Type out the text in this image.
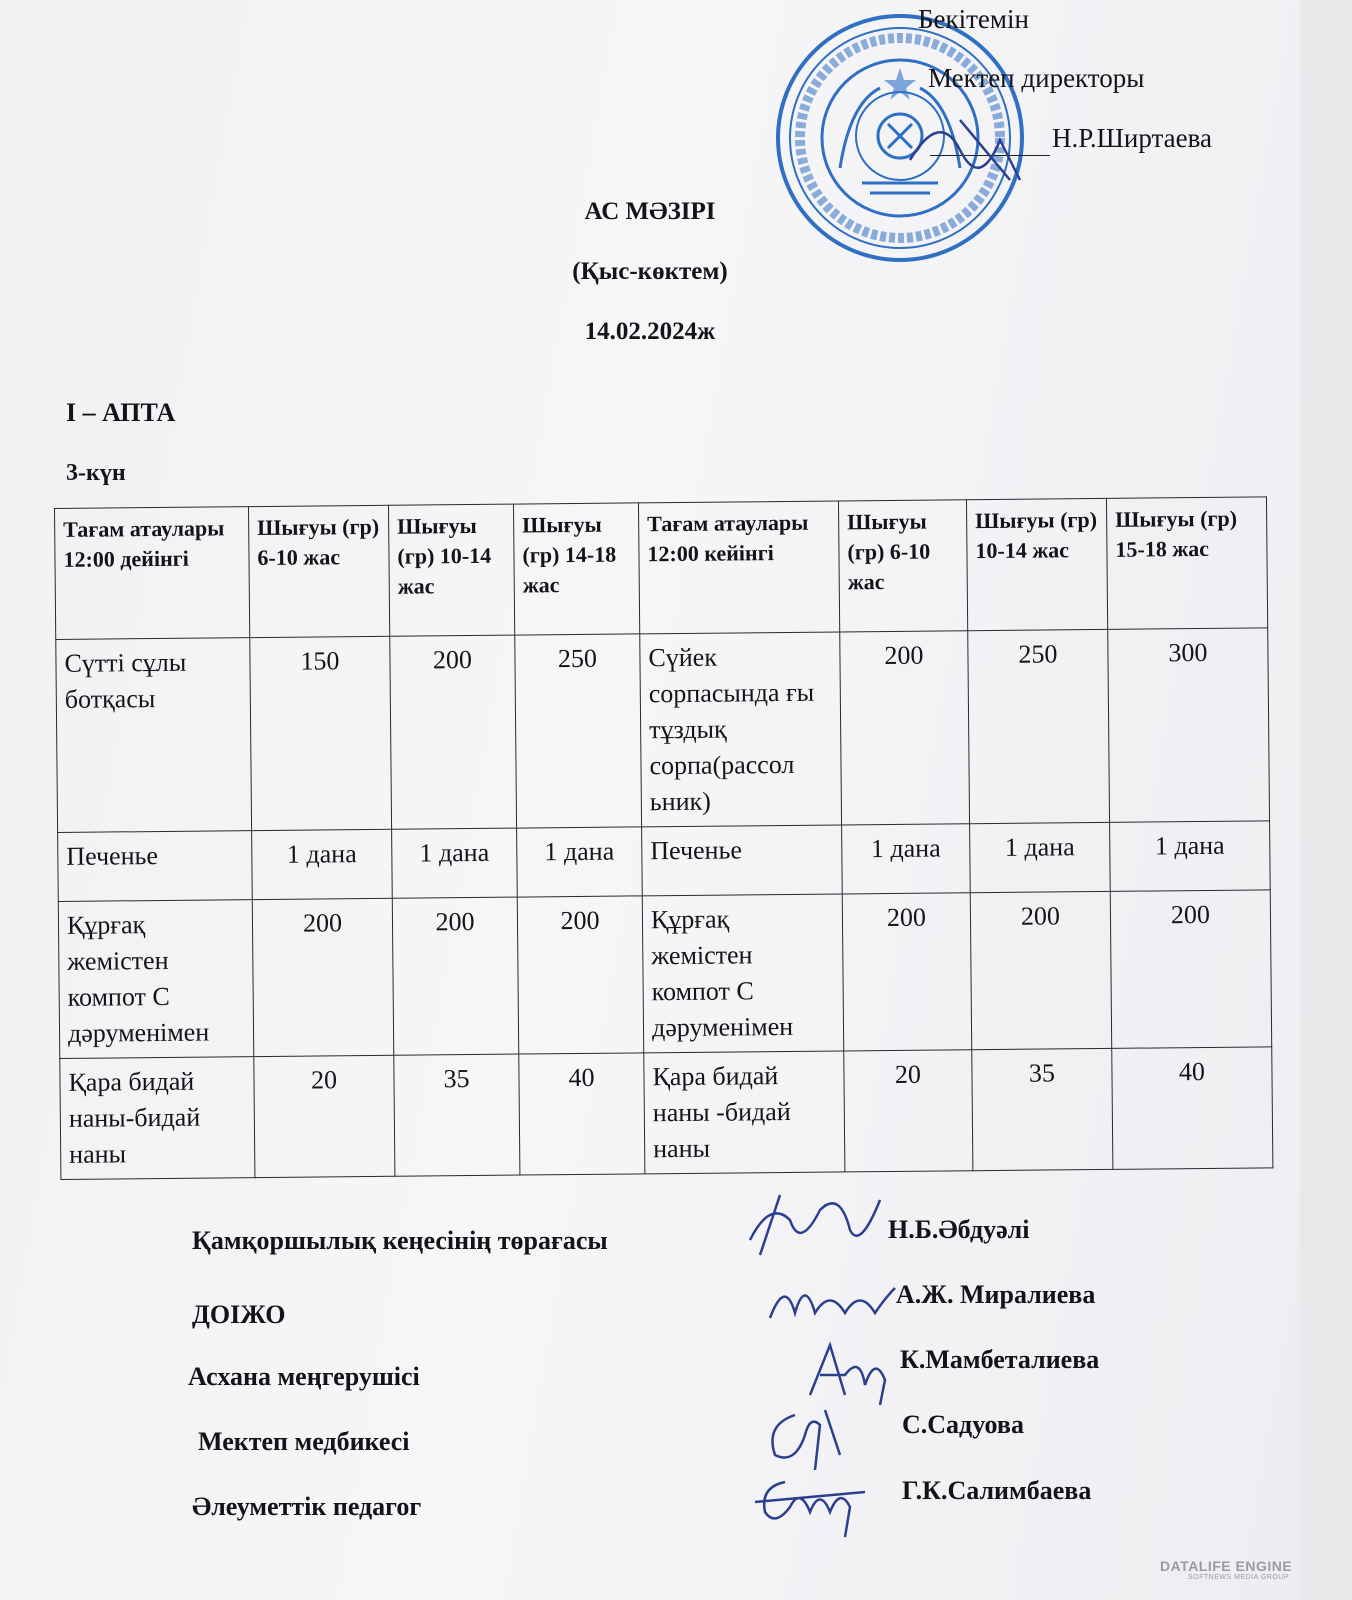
Бекітемін
Мектеп директоры
Н.Р.Ширтаева
АС МӘЗІРІ
(Қыс-көктем)
14.02.2024ж
I – АПТА
3-күн
Тағам атаулары 12:00 дейінгі	Шығуы (гр) 6-10 жас	Шығуы (гр) 10-14 жас	Шығуы (гр) 14-18 жас	Тағам атаулары 12:00 кейінгі	Шығуы (гр) 6-10 жас	Шығуы (гр) 10-14 жас	Шығуы (гр) 15-18 жас
Сүтті сұлы ботқасы	150	200	250	Сүйек сорпасында ғы тұздық сорпа(рассол ьник)	200	250	300
Печенье	1 дана	1 дана	1 дана	Печенье	1 дана	1 дана	1 дана
Құрғақ жемістен компот С дәруменімен	200	200	200	Құрғақ жемістен компот С дәруменімен	200	200	200
Қара бидай наны-бидай наны	20	35	40	Қара бидай наны -бидай наны	20	35	40
Қамқоршылық кеңесінің төрағасы	Н.Б.Әбдуәлі
ДОІЖО
А.Ж. Миралиева
Асхана меңгерушісі
К.Мамбеталиева
Мектеп медбикесі
С.Садуова
Әлеуметтік педагог
Г.К.Салимбаева
DATALIFE ENGINE
SOFTNEWS MEDIA GROUP
